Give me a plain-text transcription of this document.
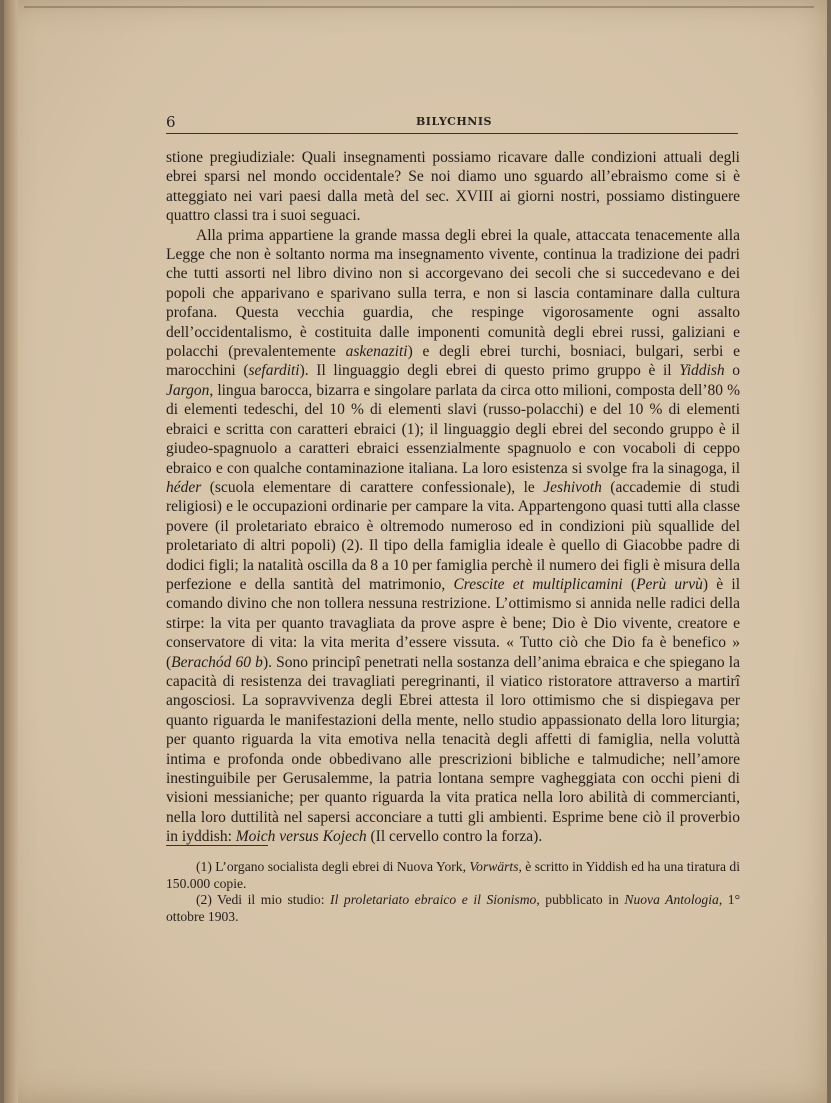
6	BILYCHNIS

stione pregiudiziale: Quali insegnamenti possiamo ricavare dalle condizioni attuali degli ebrei sparsi nel mondo occidentale? Se noi diamo uno sguardo all’ebraismo come si è atteggiato nei vari paesi dalla metà del sec. XVIII ai giorni nostri, possiamo distinguere quattro classi tra i suoi seguaci.

Alla prima appartiene la grande massa degli ebrei la quale, attaccata tenacemente alla Legge che non è soltanto norma ma insegnamento vivente, continua la tradizione dei padri che tutti assorti nel libro divino non si accorgevano dei secoli che si succedevano e dei popoli che apparivano e sparivano sulla terra, e non si lascia contaminare dalla cultura profana. Questa vecchia guardia, che respinge vigorosamente ogni assalto dell’occidentalismo, è costituita dalle imponenti comunità degli ebrei russi, galiziani e polacchi (prevalentemente askenaziti) e degli ebrei turchi, bosniaci, bulgari, serbi e marocchini (sefarditi). Il linguaggio degli ebrei di questo primo gruppo è il Yiddish o Jargon, lingua barocca, bizarra e singolare parlata da circa otto milioni, composta dell’80 % di elementi tedeschi, del 10 % di elementi slavi (russo-polacchi) e del 10 % di elementi ebraici e scritta con caratteri ebraici (1); il linguaggio degli ebrei del secondo gruppo è il giudeo-spagnuolo a caratteri ebraici essenzialmente spagnuolo e con vocaboli di ceppo ebraico e con qualche contaminazione italiana. La loro esistenza si svolge fra la sinagoga, il héder (scuola elementare di carattere confessionale), le Jeshivoth (accademie di studi religiosi) e le occupazioni ordinarie per campare la vita. Appartengono quasi tutti alla classe povere (il proletariato ebraico è oltremodo numeroso ed in condizioni più squallide del proletariato di altri popoli) (2). Il tipo della famiglia ideale è quello di Giacobbe padre di dodici figli; la natalità oscilla da 8 a 10 per famiglia perchè il numero dei figli è misura della perfezione e della santità del matrimonio, Crescite et multiplicamini (Perù urvù) è il comando divino che non tollera nessuna restrizione. L’ottimismo si annida nelle radici della stirpe: la vita per quanto travagliata da prove aspre è bene; Dio è Dio vivente, creatore e conservatore di vita: la vita merita d’essere vissuta. « Tutto ciò che Dio fa è benefico » (Berachód 60 b). Sono principî penetrati nella sostanza dell’anima ebraica e che spiegano la capacità di resistenza dei travagliati peregrinanti, il viatico ristoratore attraverso a martirî angosciosi. La sopravvivenza degli Ebrei attesta il loro ottimismo che si dispiegava per quanto riguarda le manifestazioni della mente, nello studio appassionato della loro liturgia; per quanto riguarda la vita emotiva nella tenacità degli affetti di famiglia, nella voluttà intima e profonda onde obbedivano alle prescrizioni bibliche e talmudiche; nell’amore inestinguibile per Gerusalemme, la patria lontana sempre vagheggiata con occhi pieni di visioni messianiche; per quanto riguarda la vita pratica nella loro abilità di commercianti, nella loro duttilità nel sapersi acconciare a tutti gli ambienti. Esprime bene ciò il proverbio in iyddish: Moich versus Kojech (Il cervello contro la forza).

(1) L’organo socialista degli ebrei di Nuova York, Vorwärts, è scritto in Yiddish ed ha una tiratura di 150.000 copie.

(2) Vedi il mio studio: Il proletariato ebraico e il Sionismo, pubblicato in Nuova Antologia, 1° ottobre 1903.
